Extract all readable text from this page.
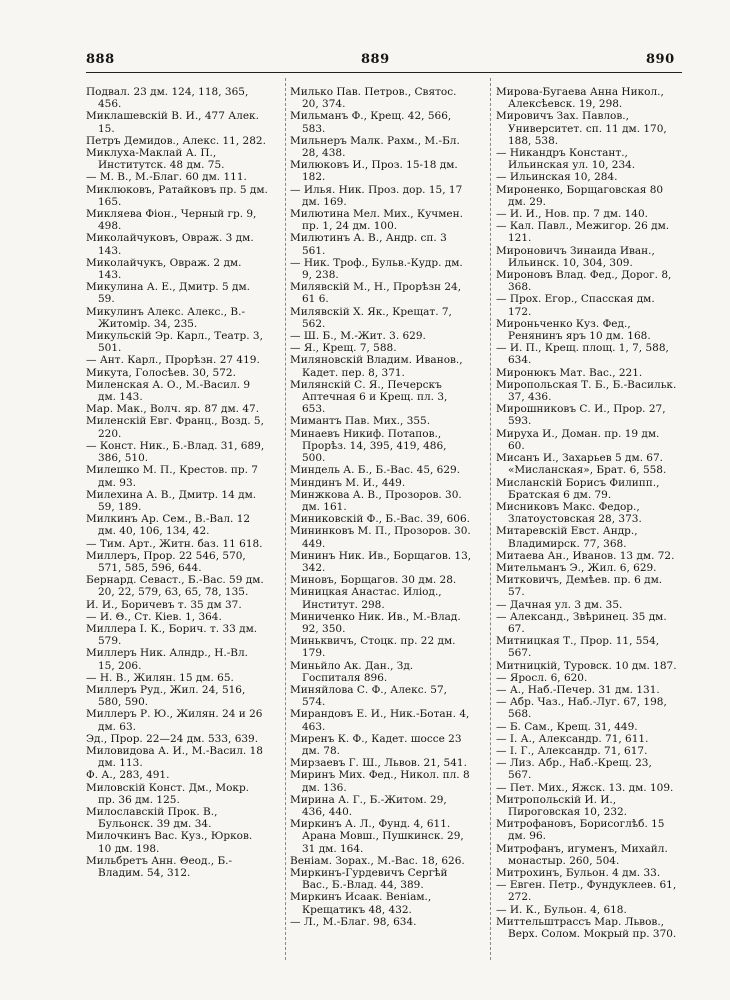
888	889	890

Подвал. 23 дм. 124, 118, 365, 456.

Миклашевскій В. И., 477 Алек. 15.

Петръ Демидов., Алекс. 11, 282.

Миклуха-Маклай А. П., Институтск. 48 дм. 75.

— М. В., М.-Благ. 60 дм. 111.

Миклюковъ, Ратайковъ пр. 5 дм. 165.

Микляева Фіон., Черный гр. 9, 498.

Миколайчуковъ, Овраж. 3 дм. 143.

Миколайчукъ, Овраж. 2 дм. 143.

Микулина А. Е., Дмитр. 5 дм. 59.

Микулинъ Алекс. Алекс., В.-Житомір. 34, 235.

Микульскій Эр. Карл., Театр. 3, 501.

— Ант. Карл., Прорѣзн. 27 419.

Микута, Голосѣев. 30, 572.

Миленская А. О., М.-Васил. 9 дм. 143.

Мар. Мак., Волч. яр. 87 дм. 47.

Миленскій Евг. Франц., Возд. 5, 220.

— Конст. Ник., Б.-Влад. 31, 689, 386, 510.

Милешко М. П., Крестов. пр. 7 дм. 93.

Милехина А. В., Дмитр. 14 дм. 59, 189.

Милкинъ Ар. Сем., В.-Вал. 12 дм. 40, 106, 134, 42.

— Тим. Арт., Житн. баз. 11 618.

Миллеръ, Прор. 22 546, 570, 571, 585, 596, 644.

Бернард. Севаст., Б.-Вас. 59 дм. 20, 22, 579, 63, 65, 78, 135.

И. И., Боричевъ т. 35 дм 37.

— И. Θ., Ст. Кіев. 1, 364.

Миллера I. К., Борич. т. 33 дм. 579.

Миллеръ Ник. Алндр., Н.-Вл. 15, 206.

— Н. В., Жилян. 15 дм. 65.

Миллеръ Руд., Жил. 24, 516, 580, 590.

Миллеръ Р. Ю., Жилян. 24 и 26 дм. 63.

Эд., Прор. 22—24 дм. 533, 639.

Миловидова А. И., М.-Васил. 18 дм. 113.

Ф. А., 283, 491.

Миловскій Конст. Дм., Мокр. пр. 36 дм. 125.

Милославскій Прок. В., Бульонск. 39 дм. 34.

Милочкинъ Вас. Куз., Юрков. 10 дм. 198.

Мильбретъ Анн. Θеод., Б.-Владим. 54, 312.

Милько Пав. Петров., Святос. 20, 374.

Мильманъ Ф., Крещ. 42, 566, 583.

Мильнеръ Малк. Рахм., М.-Бл. 28, 438.

Милюковъ И., Проз. 15-18 дм. 182.

— Илья. Ник. Проз. дор. 15, 17 дм. 169.

Милютина Мел. Мих., Кучмен. пр. 1, 24 дм. 100.

Милютинъ А. В., Андр. сп. 3 561.

— Ник. Троф., Бульв.-Кудр. дм. 9, 238.

Милявскій М., Н., Прорѣзн 24, 61 6.

Милявскій Х. Як., Крещат. 7, 562.

— Ш. Б., М.-Жит. 3. 629.

— Я., Крещ. 7, 588.

Миляновскій Владим. Иванов., Кадет. пер. 8, 371.

Милянскій С. Я., Печерскъ Аптечная 6 и Крещ. пл. 3, 653.

Мимантъ Пав. Мих., 355.

Минаевъ Никиф. Потапов., Прорѣз. 14, 395, 419, 486, 500.

Миндель А. Б., Б.-Вас. 45, 629.

Миндинъ М. И., 449.

Минжкова А. В., Прозоров. 30. дм. 161.

Миниковскій Ф., Б.-Вас. 39, 606.

Мининковъ М. П., Прозоров. 30. 449.

Мининъ Ник. Ив., Борщагов. 13, 342.

Миновъ, Борщагов. 30 дм. 28.

Миницкая Анастас. Иліод., Институт. 298.

Миниченко Ник. Ив., М.-Влад. 92, 350.

Миньквичъ, Стоцк. пр. 22 дм. 179.

Миньйло Ак. Дан., Зд. Госпиталя 896.

Миняйлова С. Ф., Алекс. 57, 574.

Мирандовъ Е. И., Ник.-Ботан. 4, 463.

Миренъ К. Ф., Кадет. шоссе 23 дм. 78.

Мирзаевъ Г. Ш., Львов. 21, 541.

Миринъ Мих. Фед., Никол. пл. 8 дм. 136.

Мирина А. Г., Б.-Житом. 29, 436, 440.

Миркинъ А. Л., Фунд. 4, 611. Арана Мовш., Пушкинск. 29, 31 дм. 164.

Веніам. Зорах., М.-Вас. 18, 626.

Миркинъ-Гурдевичъ Сергѣй Вас., Б.-Влад. 44, 389.

Миркинъ Исаак. Веніам., Крещатикъ 48, 432.

— Л., М.-Благ. 98, 634.

Мирова-Бугаева Анна Никол., Алексѣевск. 19, 298.

Мировичъ Зах. Павлов., Университет. сп. 11 дм. 170, 188, 538.

— Никандръ Констант., Ильинская ул. 10, 234.

— Ильинская 10, 284.

Мироненко, Борщаговская 80 дм. 29.

— И. И., Нов. пр. 7 дм. 140.

— Кал. Павл., Межигор. 26 дм. 121.

Мироновичъ Зинаида Иван., Ильинск. 10, 304, 309.

Мироновъ Влад. Фед., Дорог. 8, 368.

— Прох. Егор., Спасская дм. 172.

Мироньченко Куз. Фед., Ренянинъ яръ 10 дм. 168.

— И. П., Крещ. площ. 1, 7, 588, 634.

Миронюкъ Мат. Вас., 221.

Миропольская Т. Б., Б.-Васильк. 37, 436.

Мирошниковъ С. И., Прор. 27, 593.

Мируха И., Доман. пр. 19 дм. 60.

Мисанъ И., Захарьев 5 дм. 67. «Мисланская», Брат. 6, 558.

Мисланскій Борисъ Филипп., Братская 6 дм. 79.

Мисниковъ Макс. Федор., Златоустовская 28, 373.

Митаревскій Евст. Андр., Владимирск. 77, 368.

Митаева Ан., Иванов. 13 дм. 72.

Мительманъ Э., Жил. 6, 629.

Митковичъ, Демѣев. пр. 6 дм. 57.

— Дачная ул. 3 дм. 35.

— Александ., Звѣринец. 35 дм. 67.

Митницкая Т., Прор. 11, 554, 567.

Митницкій, Туровск. 10 дм. 187.

— Яросл. 6, 620.

— А., Наб.-Печер. 31 дм. 131.

— Абр. Чаз., Наб.-Луг. 67, 198, 568.

— Б. Сам., Крещ. 31, 449.

— І. А., Александр. 71, 611.

— І. Г., Александр. 71, 617.

— Лиз. Абр., Наб.-Крещ. 23, 567.

— Пет. Мих., Яжск. 13. дм. 109.

Митропольскій И. И., Пироговская 10, 232.

Митрофановъ, Борисоглѣб. 15 дм. 96.

Митрофанъ, игуменъ, Михайл. монастыр. 260, 504.

Митрохинъ, Бульон. 4 дм. 33.

— Евген. Петр., Фундуклеев. 61, 272.

— И. К., Бульон. 4, 618.

Миттельштрассъ Мар. Львов., Верх. Солом. Мокрый пр. 370.
